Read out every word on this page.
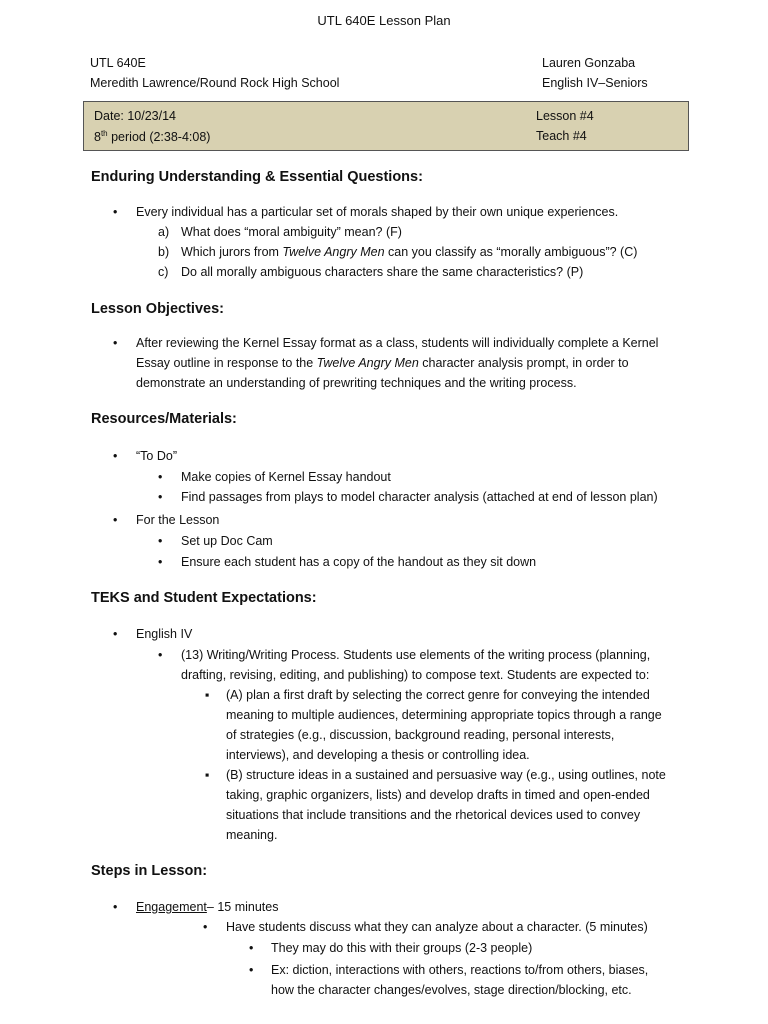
UTL 640E Lesson Plan
UTL 640E	Lauren Gonzaba
Meredith Lawrence/Round Rock High School	English IV–Seniors
Date: 10/23/14	Lesson #4
8th period (2:38-4:08)	Teach #4
Enduring Understanding & Essential Questions:
• Every individual has a particular set of morals shaped by their own unique experiences.
a) What does “moral ambiguity” mean? (F)
b) Which jurors from Twelve Angry Men can you classify as “morally ambiguous”? (C)
c) Do all morally ambiguous characters share the same characteristics? (P)
Lesson Objectives:
• After reviewing the Kernel Essay format as a class, students will individually complete a Kernel
Essay outline in response to the Twelve Angry Men character analysis prompt, in order to
demonstrate an understanding of prewriting techniques and the writing process.
Resources/Materials:
• “To Do”
• Make copies of Kernel Essay handout
• Find passages from plays to model character analysis (attached at end of lesson plan)
• For the Lesson
• Set up Doc Cam
• Ensure each student has a copy of the handout as they sit down
TEKS and Student Expectations:
• English IV
• (13) Writing/Writing Process. Students use elements of the writing process (planning,
drafting, revising, editing, and publishing) to compose text. Students are expected to:
▪ (A) plan a first draft by selecting the correct genre for conveying the intended
meaning to multiple audiences, determining appropriate topics through a range
of strategies (e.g., discussion, background reading, personal interests,
interviews), and developing a thesis or controlling idea.
▪ (B) structure ideas in a sustained and persuasive way (e.g., using outlines, note
taking, graphic organizers, lists) and develop drafts in timed and open-ended
situations that include transitions and the rhetorical devices used to convey
meaning.
Steps in Lesson:
• Engagement– 15 minutes
• Have students discuss what they can analyze about a character. (5 minutes)
• They may do this with their groups (2-3 people)
• Ex: diction, interactions with others, reactions to/from others, biases,
how the character changes/evolves, stage direction/blocking, etc.
